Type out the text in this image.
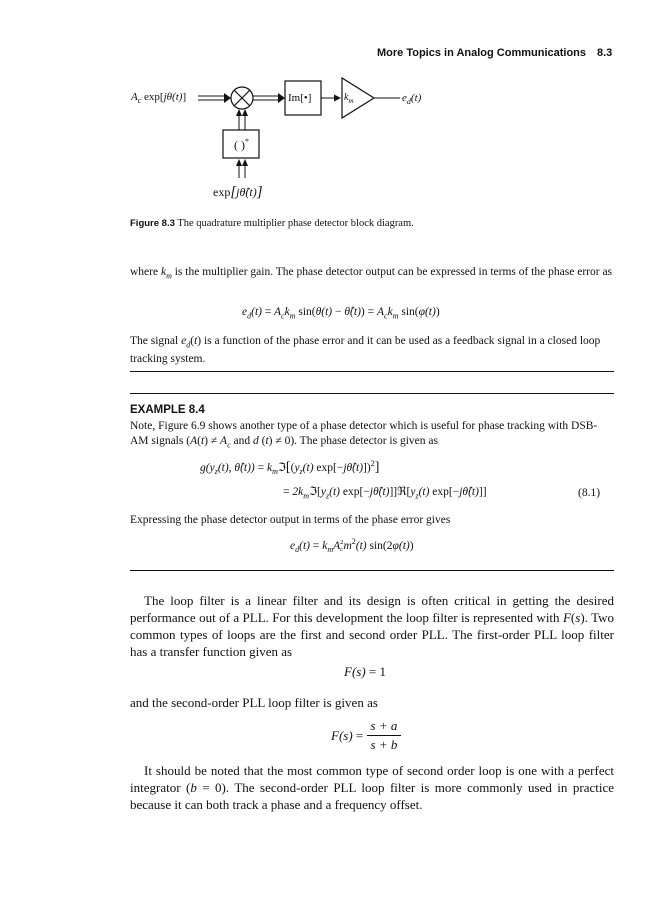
More Topics in Analog Communications 8.3
$A_c$ exp[jθ(t)]	Im[•]	$k_m$	$e_d(t)$
( )*
exp[jθ̂(t)]
Figure 8.3 The quadrature multiplier phase detector block diagram.
where $k_m$ is the multiplier gain. The phase detector output can be expressed in terms of the phase error as
$e_d(t) = A_ck_m$ sin(θ(t) − θ̂(t)) = $A_ck_m$ sin(φ(t))
The signal $e_d(t)$ is a function of the phase error and it can be used as a feedback signal in a closed loop tracking system.
EXAMPLE 8.4
Note, Figure 6.9 shows another type of a phase detector which is useful for phase tracking with DSB-AM signals ($A(t) \ne A_c$ and d (t) ≠ 0). The phase detector is given as
$g(y_z(t)$, θ̂(t)) = $k_mℑ[(y_z(t)$ exp[−jθ̂(t)])$^2$]
= $2k_mℑ[y_z(t)$ $\exp[-j\thetâ(t)]]ℜ[y_z(t)$ exp[−jθ̂(t)]]	(8.1)
Expressing the phase detector output in terms of the phase error gives
$e_d(t) = k_mA$ 2
c $m^2(t)$ sin(2φ(t))
The loop filter is a linear filter and its design is often critical in getting the desired performance out of a PLL. For this development the loop filter is represented with F(s). Two common types of loops are the first and second order PLL. The first-order PLL loop filter has a transfer function given as
F(s) = 1
and the second-order PLL loop filter is given as
$F(s) = \frac{s + a}{s + b}$
It should be noted that the most common type of second order loop is one with a perfect integrator (b = 0). The second-order PLL loop filter is more commonly used in practice because it can both track a phase and a frequency offset.
